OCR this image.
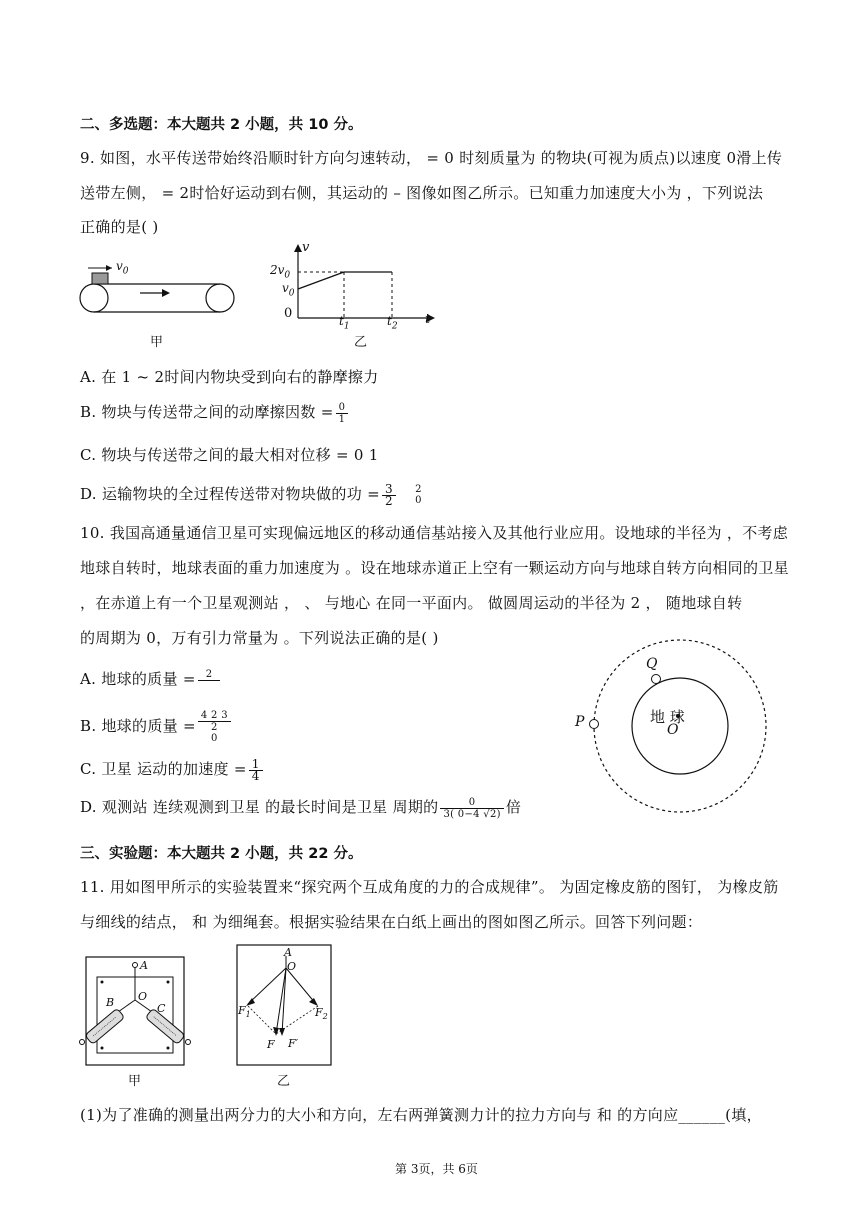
二、多选题：本大题共 2 小题，共 10 分。
9. 如图，水平传送带始终沿顺时针方向匀速转动， = 0 时刻质量为 的物块(可视为质点)以速度 0滑上传
送带左侧， = 2时恰好运动到右侧，其运动的 – 图像如图乙所示。已知重力加速度大小为 ，下列说法
正确的是( )
$v_0$
甲
v
$2v_0$
$v_0$
0	$t_1$	$t_2$ t
乙
A. 在 1 ~ 2时间内物块受到向右的静摩擦力
B. 物块与传送带之间的动摩擦因数 = $\frac{0}{1}$
C. 物块与传送带之间的最大相对位移 = 0 1
D. 运输物块的全过程传送带对物块做的功 = $\frac{3}{2}$
2
0
10. 我国高通量通信卫星可实现偏远地区的移动通信基站接入及其他行业应用。设地球的半径为 ，不考虑
地球自转时，地球表面的重力加速度为 。设在地球赤道正上空有一颗运动方向与地球自转方向相同的卫星
，在赤道上有一个卫星观测站 ， 、 与地心 在同一平面内。 做圆周运动的半径为 2 ， 随地球自转
的周期为 0，万有引力常量为 。下列说法正确的是( )
A. 地球的质量 =	2

B. 地球的质量 =
4 2 3
2
0
C. 卫星 运动的加速度 = $\frac{1}{4}$
D. 观测站 连续观测到卫星 的最长时间是卫星 周期的 $\frac{0}{3( 0-4 √2)}$ 倍
Q
P	地 球
O
三、实验题：本大题共 2 小题，共 22 分。
11. 用如图甲所示的实验装置来“探究两个互成角度的力的合成规律”。 为固定橡皮筋的图钉， 为橡皮筋
与细线的结点， 和 为细绳套。根据实验结果在白纸上画出的图如图乙所示。回答下列问题：
A
B O
C
甲
A
O
$F_1$	$F_2$
F F′
乙
(1)为了准确的测量出两分力的大小和方向，左右两弹簧测力计的拉力方向与 和 的方向应______(填，
第 3页，共 6页
